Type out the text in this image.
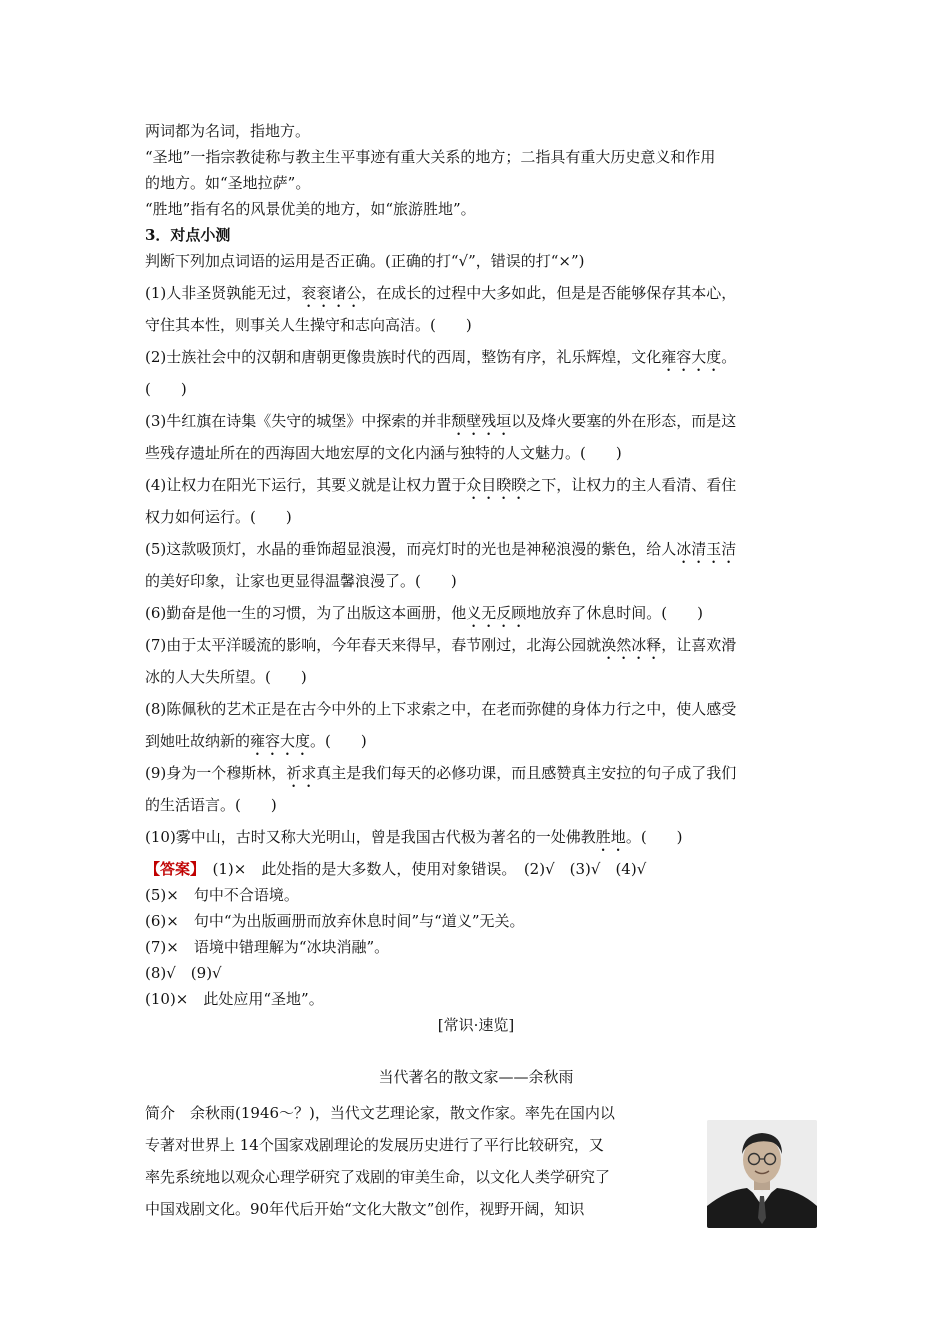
两词都为名词，指地方。
“圣地”一指宗教徒称与教主生平事迹有重大关系的地方；二指具有重大历史意义和作用
的地方。如“圣地拉萨”。
“胜地”指有名的风景优美的地方，如“旅游胜地”。
3．对点小测
判断下列加点词语的运用是否正确。(正确的打“√”，错误的打“×”)
(1)人非圣贤孰能无过，衮衮诸公，在成长的过程中大多如此，但是是否能够保存其本心，
守住其本性，则事关人生操守和志向高洁。(　　)
(2)士族社会中的汉朝和唐朝更像贵族时代的西周，整饬有序，礼乐辉煌，文化雍容大度。
(　　)
(3)牛红旗在诗集《失守的城堡》中探索的并非颓壁残垣以及烽火要塞的外在形态，而是这
些残存遗址所在的西海固大地宏厚的文化内涵与独特的人文魅力。(　　)
(4)让权力在阳光下运行，其要义就是让权力置于众目睽睽之下，让权力的主人看清、看住
权力如何运行。(　　)
(5)这款吸顶灯，水晶的垂饰超显浪漫，而亮灯时的光也是神秘浪漫的紫色，给人冰清玉洁
的美好印象，让家也更显得温馨浪漫了。(　　)
(6)勤奋是他一生的习惯，为了出版这本画册，他义无反顾地放弃了休息时间。(　　)
(7)由于太平洋暖流的影响，今年春天来得早，春节刚过，北海公园就涣然冰释，让喜欢滑
冰的人大失所望。(　　)
(8)陈佩秋的艺术正是在古今中外的上下求索之中，在老而弥健的身体力行之中，使人感受
到她吐故纳新的雍容大度。(　　)
(9)身为一个穆斯林，祈求真主是我们每天的必修功课，而且感赞真主安拉的句子成了我们
的生活语言。(　　)
(10)雾中山，古时又称大光明山，曾是我国古代极为著名的一处佛教胜地。(　　)
【答案】　(1)×　此处指的是大多数人，使用对象错误。　(2)√　(3)√　(4)√
(5)×　句中不合语境。
(6)×　句中“为出版画册而放弃休息时间”与“道义”无关。
(7)×　语境中错理解为“冰块消融”。
(8)√　(9)√
(10)×　此处应用“圣地”。
[常识·速览]
当代著名的散文家——余秋雨
简介　余秋雨(1946～？)，当代文艺理论家，散文作家。率先在国内以
专著对世界上 14个国家戏剧理论的发展历史进行了平行比较研究，又
率先系统地以观众心理学研究了戏剧的审美生命，以文化人类学研究了
中国戏剧文化。90年代后开始“文化大散文”创作，视野开阔，知识
